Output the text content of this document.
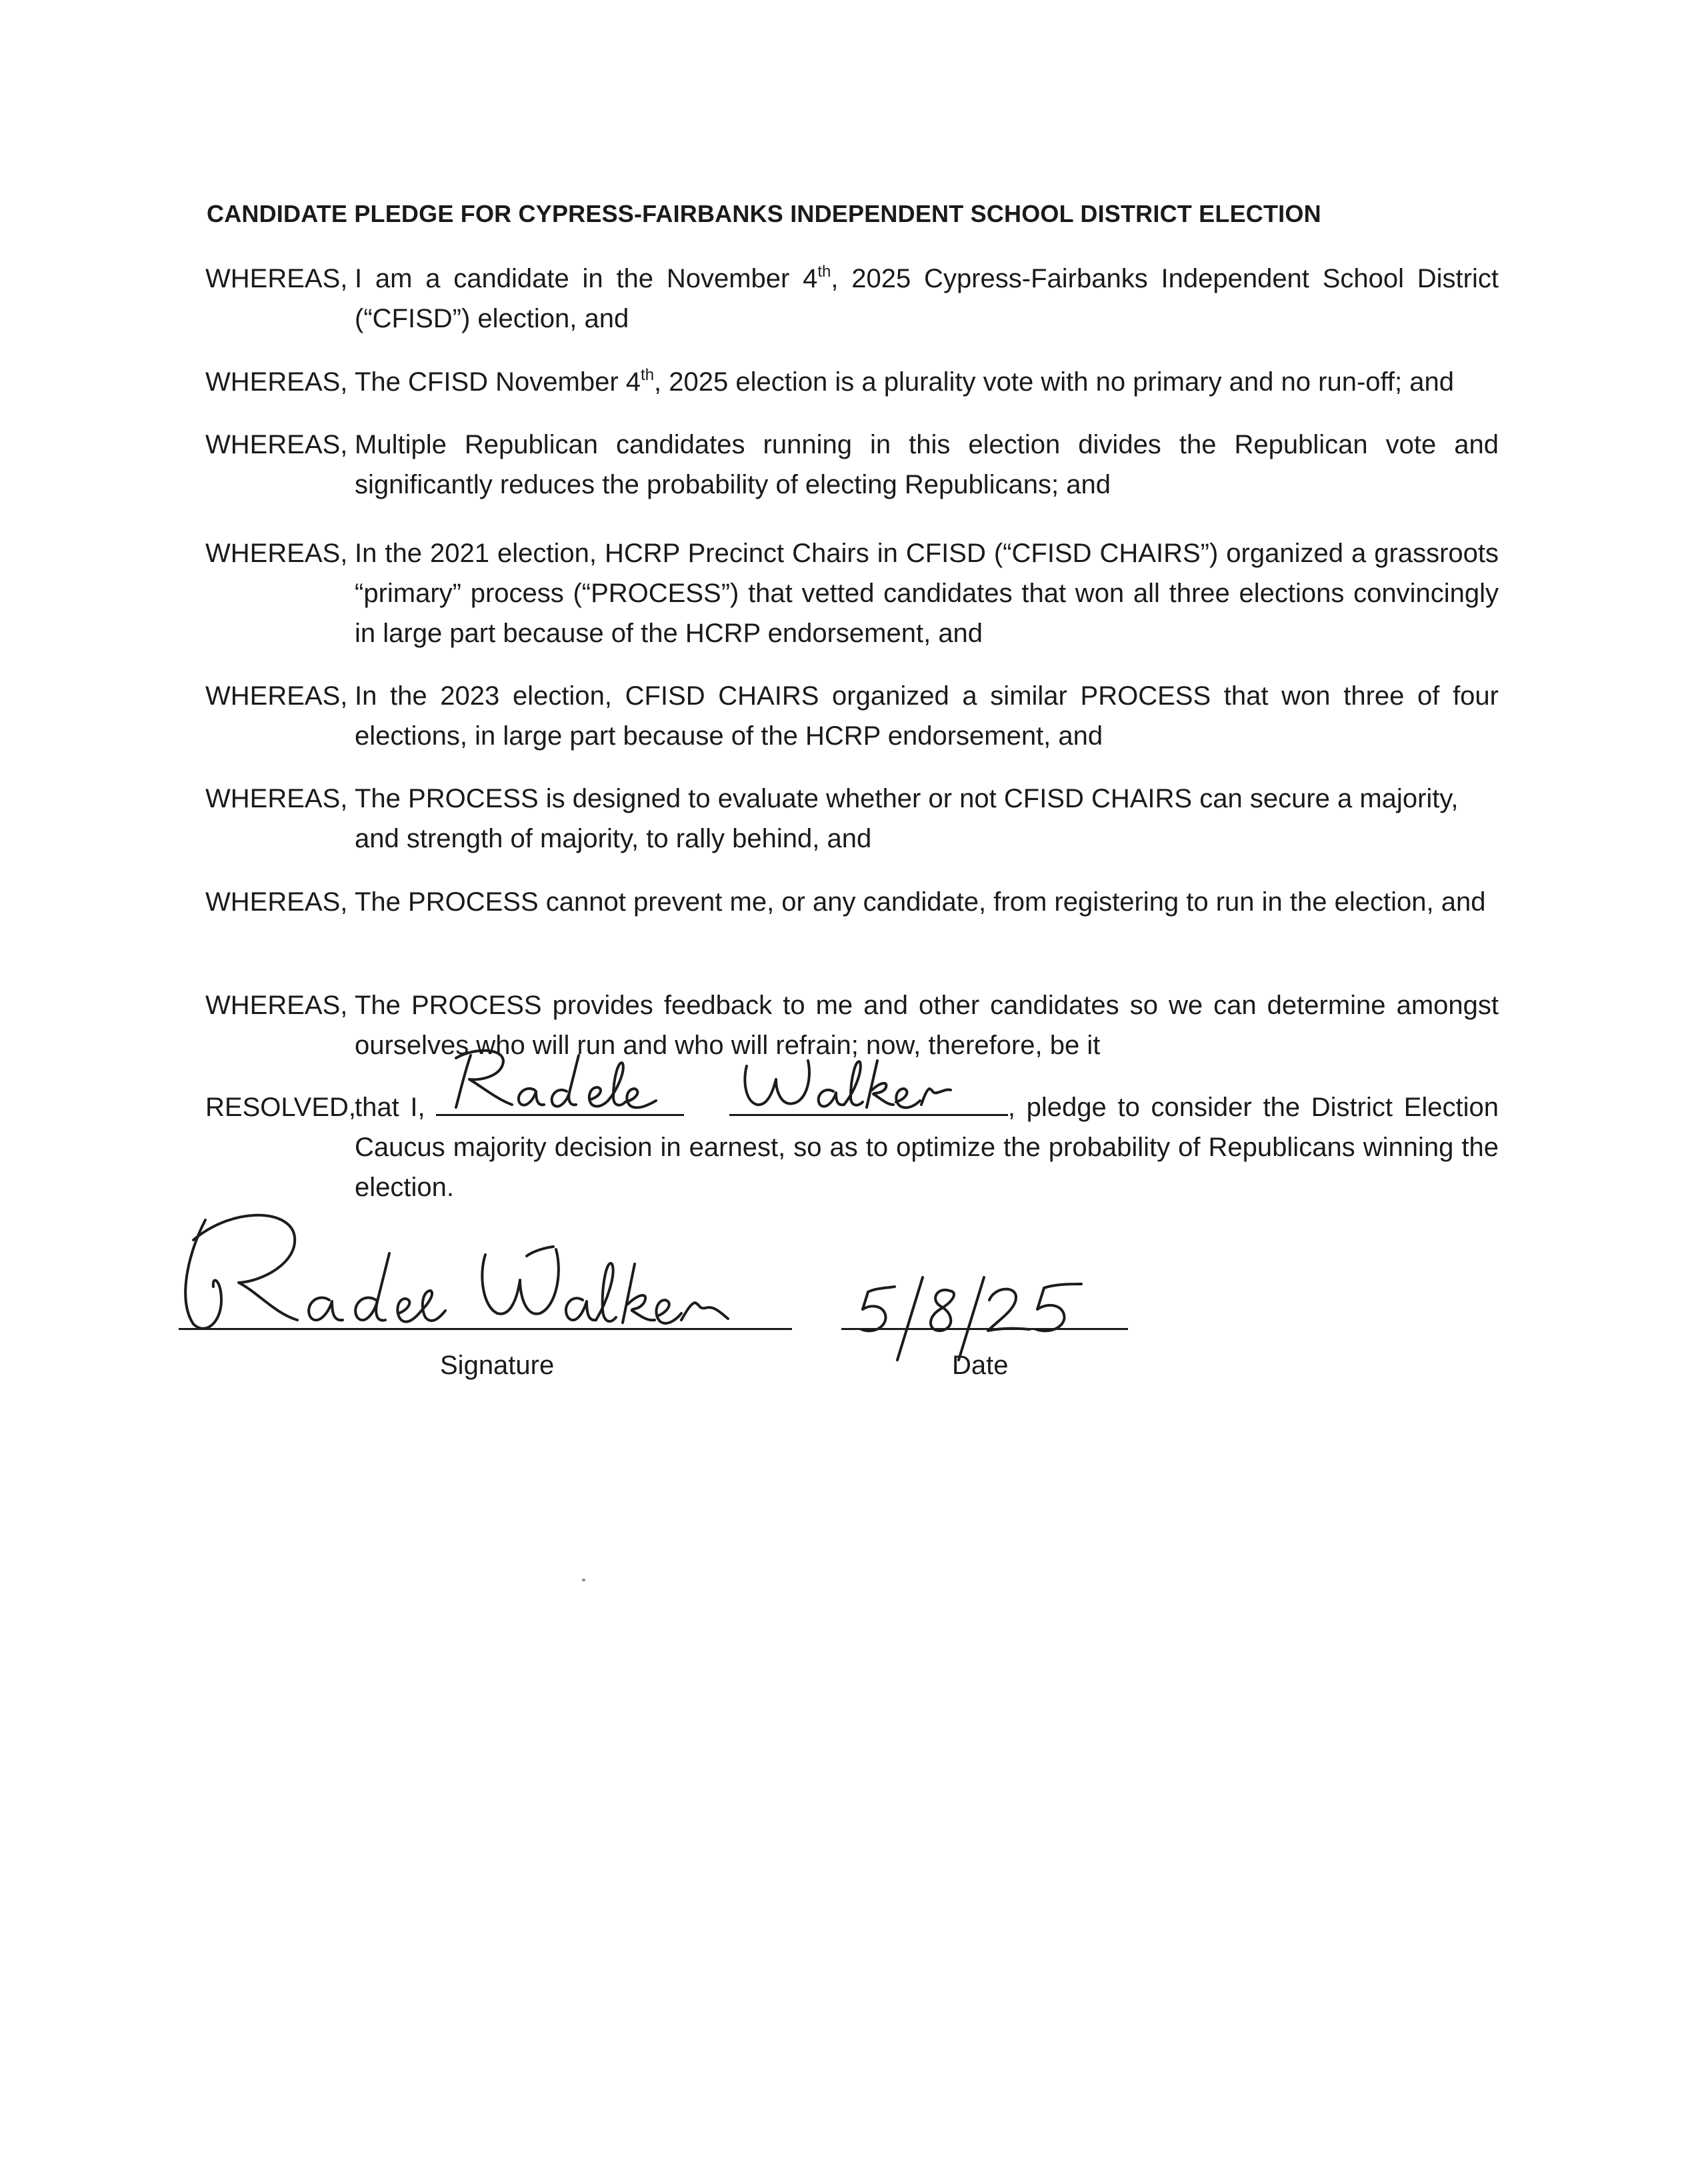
CANDIDATE PLEDGE FOR CYPRESS-FAIRBANKS INDEPENDENT SCHOOL DISTRICT ELECTION
WHEREAS, I am a candidate in the November 4th, 2025 Cypress-Fairbanks Independent School District (“CFISD”) election, and
WHEREAS, The CFISD November 4th, 2025 election is a plurality vote with no primary and no run-off; and
WHEREAS, Multiple Republican candidates running in this election divides the Republican vote and significantly reduces the probability of electing Republicans; and
WHEREAS, In the 2021 election, HCRP Precinct Chairs in CFISD (“CFISD CHAIRS”) organized a grassroots “primary” process (“PROCESS”) that vetted candidates that won all three elections convincingly in large part because of the HCRP endorsement, and
WHEREAS, In the 2023 election, CFISD CHAIRS organized a similar PROCESS that won three of four elections, in large part because of the HCRP endorsement, and
WHEREAS, The PROCESS is designed to evaluate whether or not CFISD CHAIRS can secure a majority, and strength of majority, to rally behind, and
WHEREAS, The PROCESS cannot prevent me, or any candidate, from registering to run in the election, and
WHEREAS, The PROCESS provides feedback to me and other candidates so we can determine amongst ourselves who will run and who will refrain; now, therefore, be it
RESOLVED,
that I,
	, pledge to consider the District Election Caucus majority decision in earnest, so as to optimize the probability of Republicans winning the election.
Signature	Date
